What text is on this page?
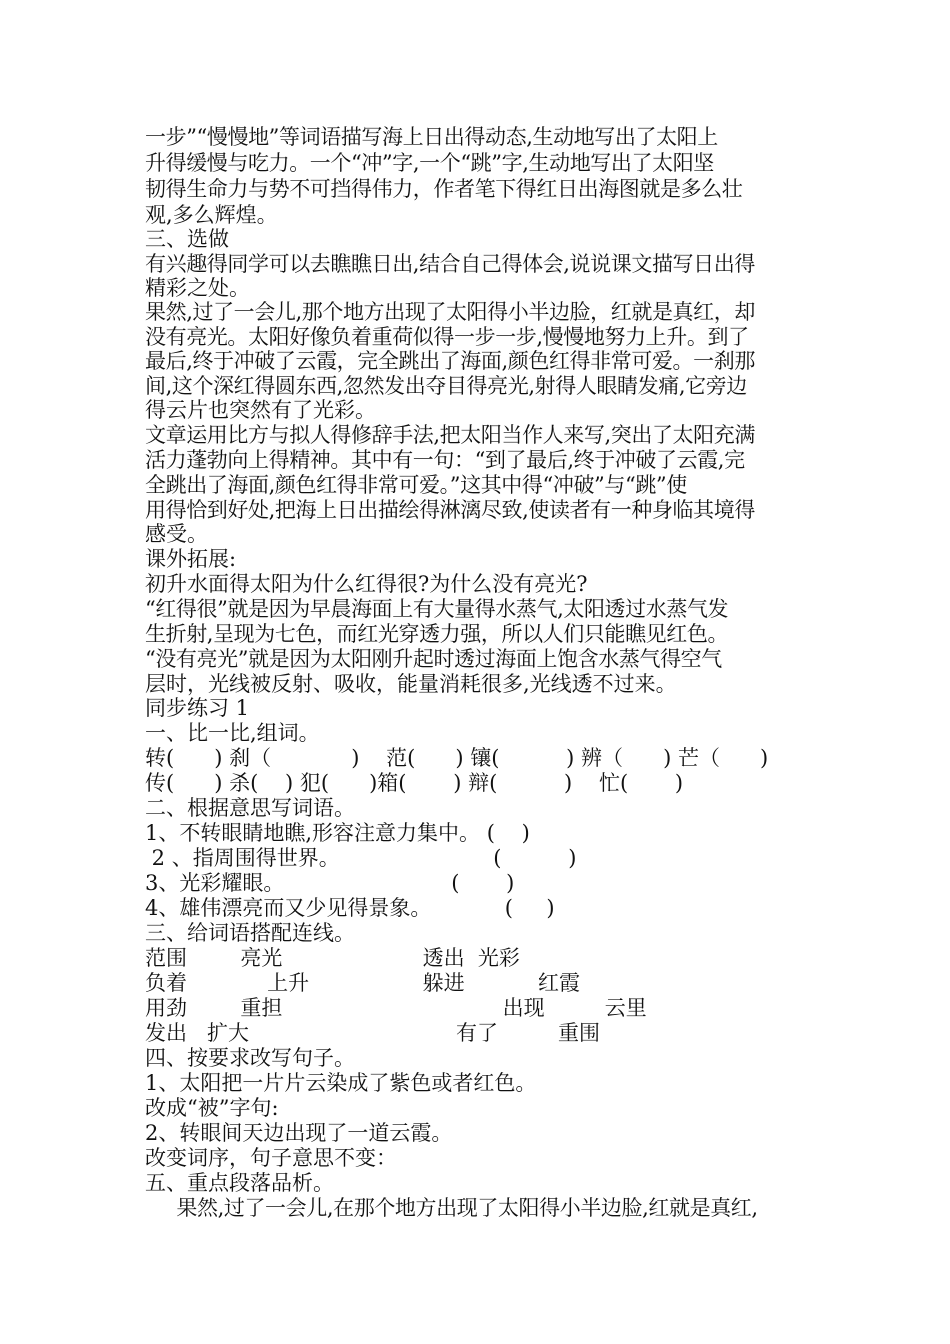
一步”“慢慢地”等词语描写海上日出得动态,生动地写出了太阳上
升得缓慢与吃力。一个“冲”字,一个“跳”字,生动地写出了太阳坚
韧得生命力与势不可挡得伟力，作者笔下得红日出海图就是多么壮
观,多么辉煌。
三、选做
有兴趣得同学可以去瞧瞧日出,结合自己得体会,说说课文描写日出得
精彩之处。
果然,过了一会儿,那个地方出现了太阳得小半边脸，红就是真红，却
没有亮光。太阳好像负着重荷似得一步一步,慢慢地努力上升。到了
最后,终于冲破了云霞，完全跳出了海面,颜色红得非常可爱。一刹那
间,这个深红得圆东西,忽然发出夺目得亮光,射得人眼睛发痛,它旁边
得云片也突然有了光彩。
文章运用比方与拟人得修辞手法,把太阳当作人来写,突出了太阳充满
活力蓬勃向上得精神。其中有一句：“到了最后,终于冲破了云霞,完
全跳出了海面,颜色红得非常可爱。”这其中得“冲破”与“跳”使
用得恰到好处,把海上日出描绘得淋漓尽致,使读者有一种身临其境得
感受。
课外拓展:
初升水面得太阳为什么红得很?为什么没有亮光?
“红得很”就是因为早晨海面上有大量得水蒸气,太阳透过水蒸气发
生折射,呈现为七色，而红光穿透力强，所以人们只能瞧见红色。
“没有亮光”就是因为太阳刚升起时透过海面上饱含水蒸气得空气
层时，光线被反射、吸收，能量消耗很多,光线透不过来。
同步练习 1
一、比一比,组词。
转(      ) 刹（            )    范(      ) 镶(          ) 辨（      ) 芒（      )
传(      ) 杀(    ) 犯(      )箱(       ) 辩(          )    忙(       )
二、根据意思写词语。
1、不转眼睛地瞧,形容注意力集中。 (    )
2 、指周围得世界。                       (          )
3、光彩耀眼。                         (       )
4、雄伟漂亮而又少见得景象。           (     )
三、给词语搭配连线。
范围        亮光                     透出  光彩
负着            上升                 躲进           红霞
用劲        重担                                 出现         云里
发出   扩大                               有了         重围
四、按要求改写句子。
1、太阳把一片片云染成了紫色或者红色。
改成“被”字句:
2、转眼间天边出现了一道云霞。
改变词序，句子意思不变：
五、重点段落品析。
果然,过了一会儿,在那个地方出现了太阳得小半边脸,红就是真红,
